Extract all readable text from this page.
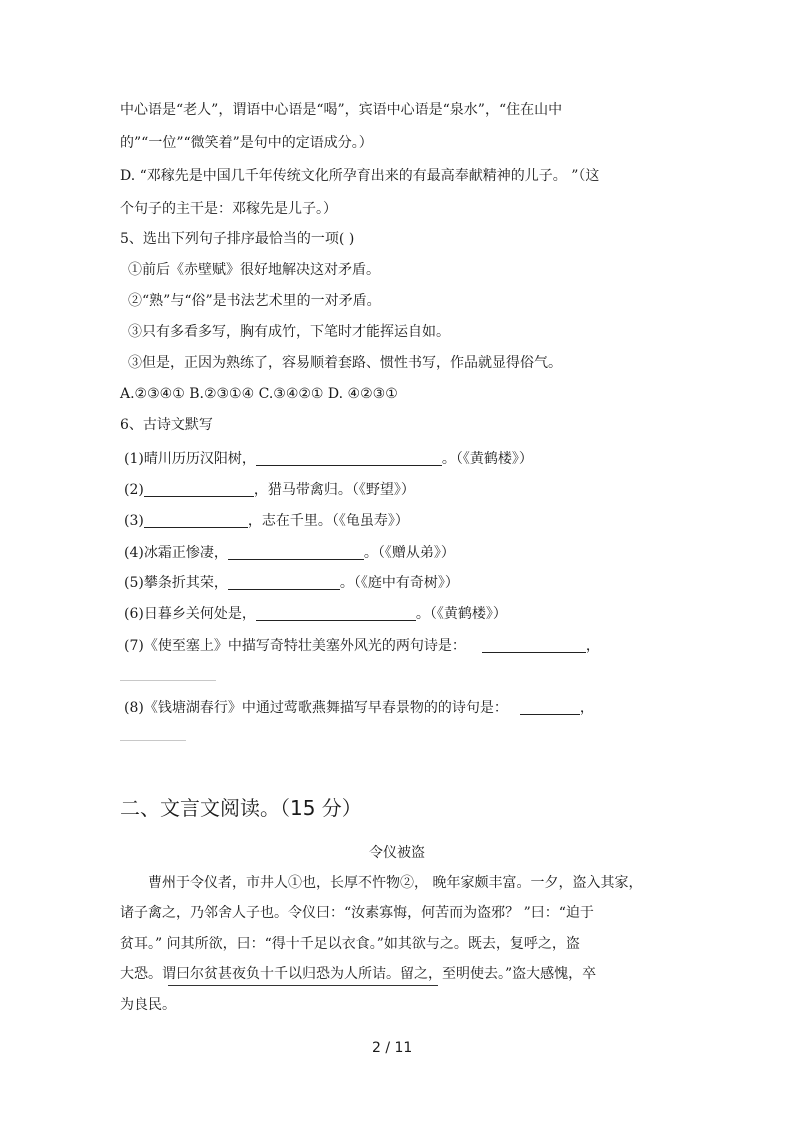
中心语是“老人”，谓语中心语是“喝”，宾语中心语是“泉水”，“住在山中
的”“一位”“微笑着”是句中的定语成分。）
D. “邓稼先是中国几千年传统文化所孕育出来的有最高奉献精神的儿子。 ”（这
个句子的主干是：邓稼先是儿子。）
5、选出下列句子排序最恰当的一项( )
①前后《赤壁赋》很好地解决这对矛盾。
②“熟”与“俗”是书法艺术里的一对矛盾。
③只有多看多写，胸有成竹，下笔时才能挥运自如。
③但是，正因为熟练了，容易顺着套路、惯性书写，作品就显得俗气。
A.②③④① B.②③①④ C.③④②① D. ④②③①
6、古诗文默写
(1)晴川历历汉阳树，	。（《黄鹤楼》）
(2)	，猎马带禽归。（《野望》）
(3)	，志在千里。（《龟虽寿》）
(4)冰霜正惨凄，	。（《赠从弟》）
(5)攀条折其荣，	。（《庭中有奇树》）
(6)日暮乡关何处是，	。（《黄鹤楼》）
(7)《使至塞上》中描写奇特壮美塞外风光的两句诗是：	，
(8)《钱塘湖春行》中通过莺歌燕舞描写早春景物的的诗句是：	，
二、文言文阅读。（15 分）
令仪被盗
曹州于令仪者，市井人①也，长厚不忤物②， 晚年家颇丰富。一夕，盗入其家，
诸子禽之，乃邻舍人子也。令仪曰：“汝素寡悔，何苦而为盗邪？ ”曰：“迫于
贫耳。” 问其所欲，曰：“得十千足以衣食。”如其欲与之。既去，复呼之，盗
大恐。谓曰尔贫甚夜负十千以归恐为人所诘。留之，至明使去。”盗大感愧，卒
为良民。
2 / 11
